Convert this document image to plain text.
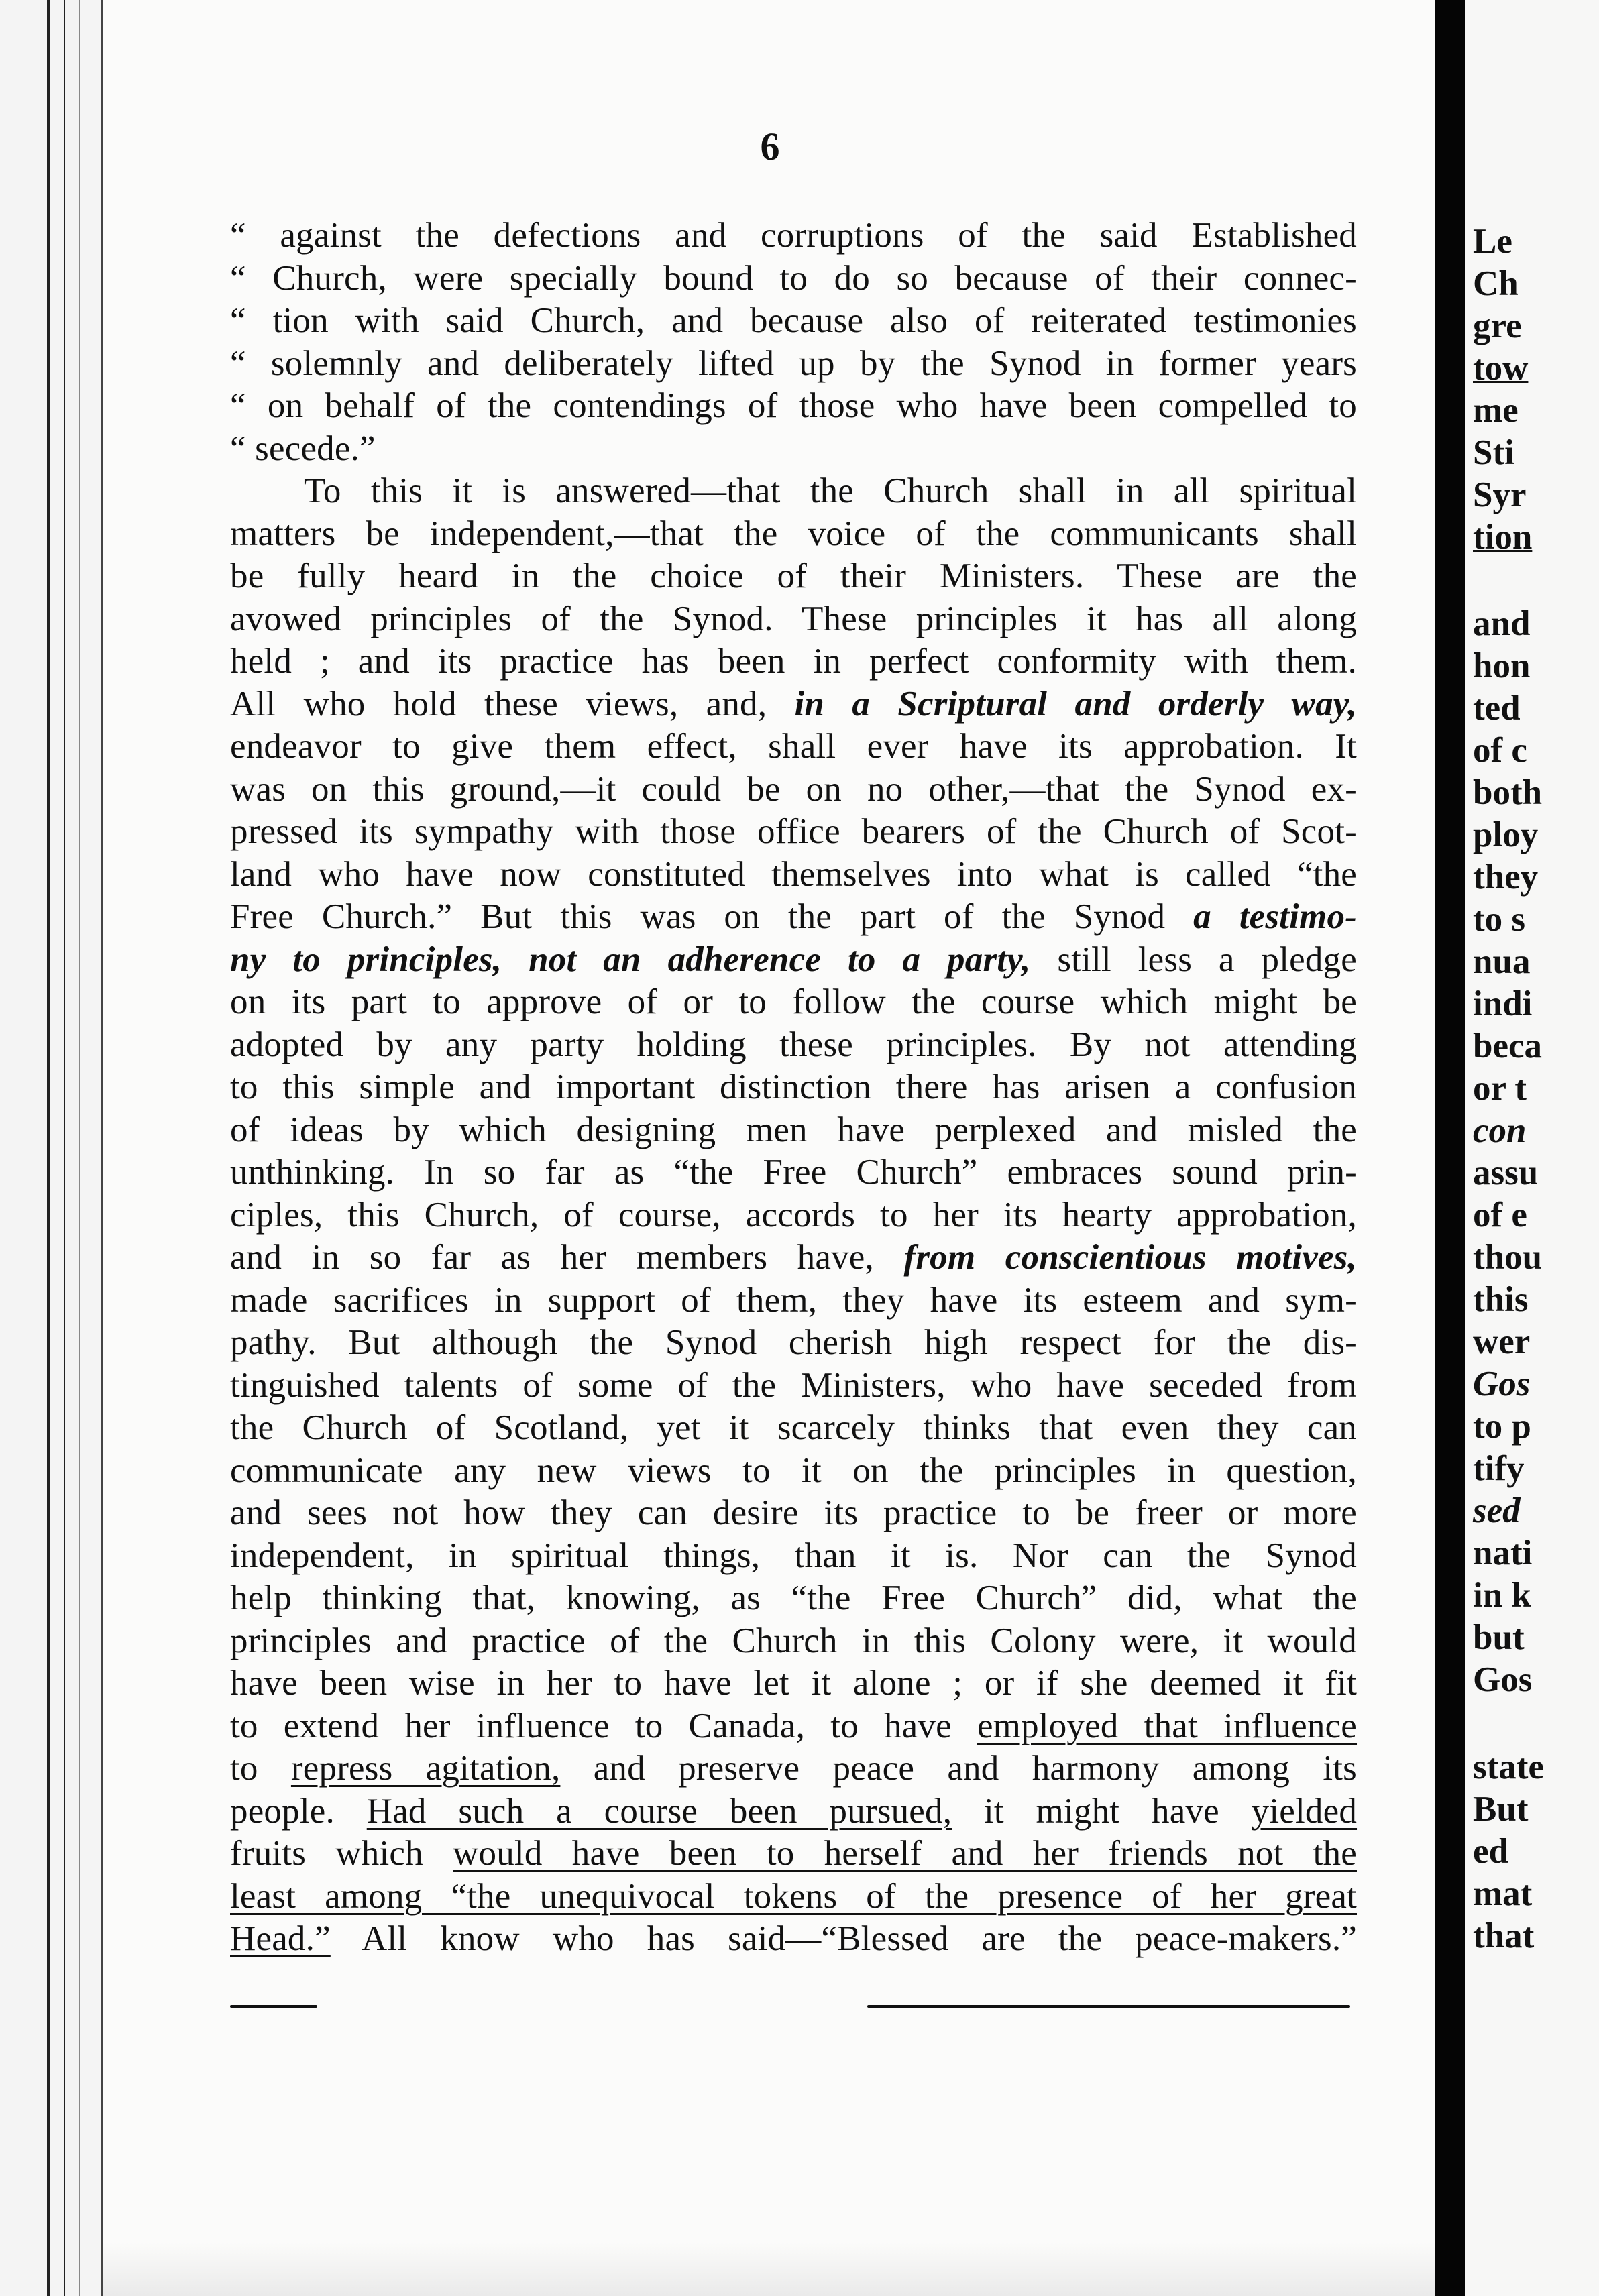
6
“ against the defections and corruptions of the said Established
“ Church, were specially bound to do so because of their connec-
“ tion with said Church, and because also of reiterated testimonies
“ solemnly and deliberately lifted up by the Synod in former years
“ on behalf of the contendings of those who have been compelled to
“ secede.”
To this it is answered—that the Church shall in all spiritual
matters be independent,—that the voice of the communicants shall
be fully heard in the choice of their Ministers. These are the
avowed principles of the Synod. These principles it has all along
held ; and its practice has been in perfect conformity with them.
All who hold these views, and, in a Scriptural and orderly way,
endeavor to give them effect, shall ever have its approbation. It
was on this ground,—it could be on no other,—that the Synod ex-
pressed its sympathy with those office bearers of the Church of Scot-
land who have now constituted themselves into what is called “the
Free Church.” But this was on the part of the Synod a testimo-
ny to principles, not an adherence to a party, still less a pledge
on its part to approve of or to follow the course which might be
adopted by any party holding these principles. By not attending
to this simple and important distinction there has arisen a confusion
of ideas by which designing men have perplexed and misled the
unthinking. In so far as “the Free Church” embraces sound prin-
ciples, this Church, of course, accords to her its hearty approbation,
and in so far as her members have, from conscientious motives,
made sacrifices in support of them, they have its esteem and sym-
pathy. But although the Synod cherish high respect for the dis-
tinguished talents of some of the Ministers, who have seceded from
the Church of Scotland, yet it scarcely thinks that even they can
communicate any new views to it on the principles in question,
and sees not how they can desire its practice to be freer or more
independent, in spiritual things, than it is. Nor can the Synod
help thinking that, knowing, as “the Free Church” did, what the
principles and practice of the Church in this Colony were, it would
have been wise in her to have let it alone ; or if she deemed it fit
to extend her influence to Canada, to have employed that influence
to repress agitation, and preserve peace and harmony among its
people. Had such a course been pursued, it might have yielded
fruits which would have been to herself and her friends not the
least among “the unequivocal tokens of the presence of her great
Head.” All know who has said—“Blessed are the peace-makers.”
Le
Ch
gre
tow
me
Sti
Syr
tion
and
hon
ted
of c
both
ploy
they
to s
nua
indi
beca
or t
con
assu
of e
thou
this
wer
Gos
to p
tify
sed
nati
in k
but
Gos
state
But
ed
mat
that
